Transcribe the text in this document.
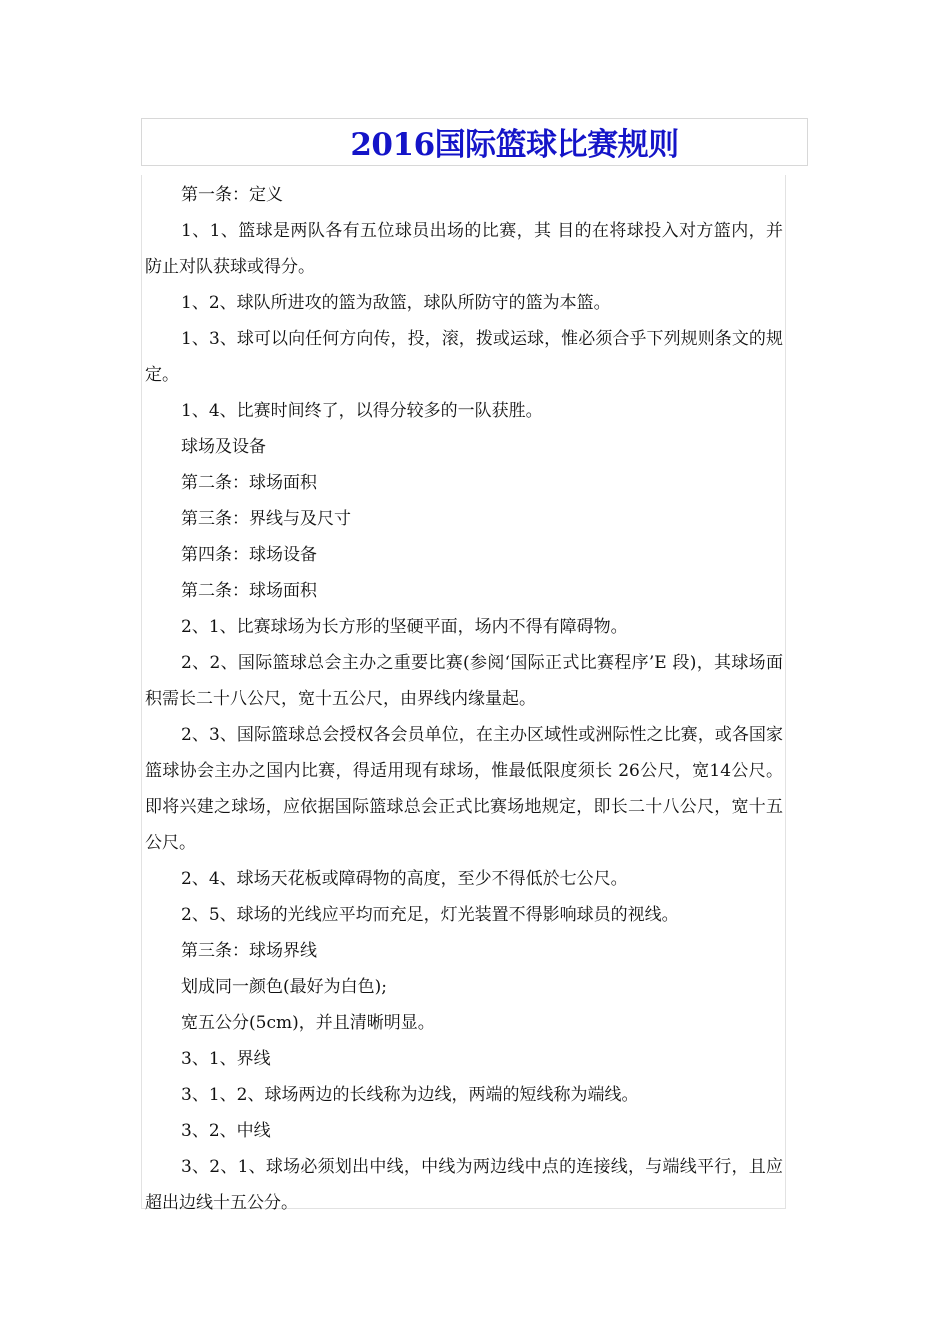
2016国际篮球比赛规则

第一条：定义

1、1、篮球是两队各有五位球员出场的比赛，其 目的在将球投入对方篮内，并防止对队获球或得分。

1、2、球队所进攻的篮为敌篮，球队所防守的篮为本篮。

1、3、球可以向任何方向传，投，滚，拨或运球，惟必须合乎下列规则条文的规定。

1、4、比赛时间终了，以得分较多的一队获胜。

球场及设备

第二条：球场面积

第三条：界线与及尺寸

第四条：球场设备

第二条：球场面积

2、1、比赛球场为长方形的坚硬平面，场内不得有障碍物。

2、2、国际篮球总会主办之重要比赛(参阅‘国际正式比赛程序’E 段)，其球场面积需长二十八公尺，宽十五公尺，由界线内缘量起。

2、3、国际篮球总会授权各会员单位，在主办区域性或洲际性之比赛，或各国家篮球协会主办之国内比赛，得适用现有球场，惟最低限度须长 26公尺，宽14公尺。即将兴建之球场，应依据国际篮球总会正式比赛场地规定，即长二十八公尺，宽十五公尺。

2、4、球场天花板或障碍物的高度，至少不得低於七公尺。

2、5、球场的光线应平均而充足，灯光装置不得影响球员的视线。

第三条：球场界线

划成同一颜色(最好为白色);

宽五公分(5cm)，并且清晰明显。

3、1、界线

3、1、2、球场两边的长线称为边线，两端的短线称为端线。

3、2、中线

3、2、1、球场必须划出中线，中线为两边线中点的连接线，与端线平行，且应超出边线十五公分。
